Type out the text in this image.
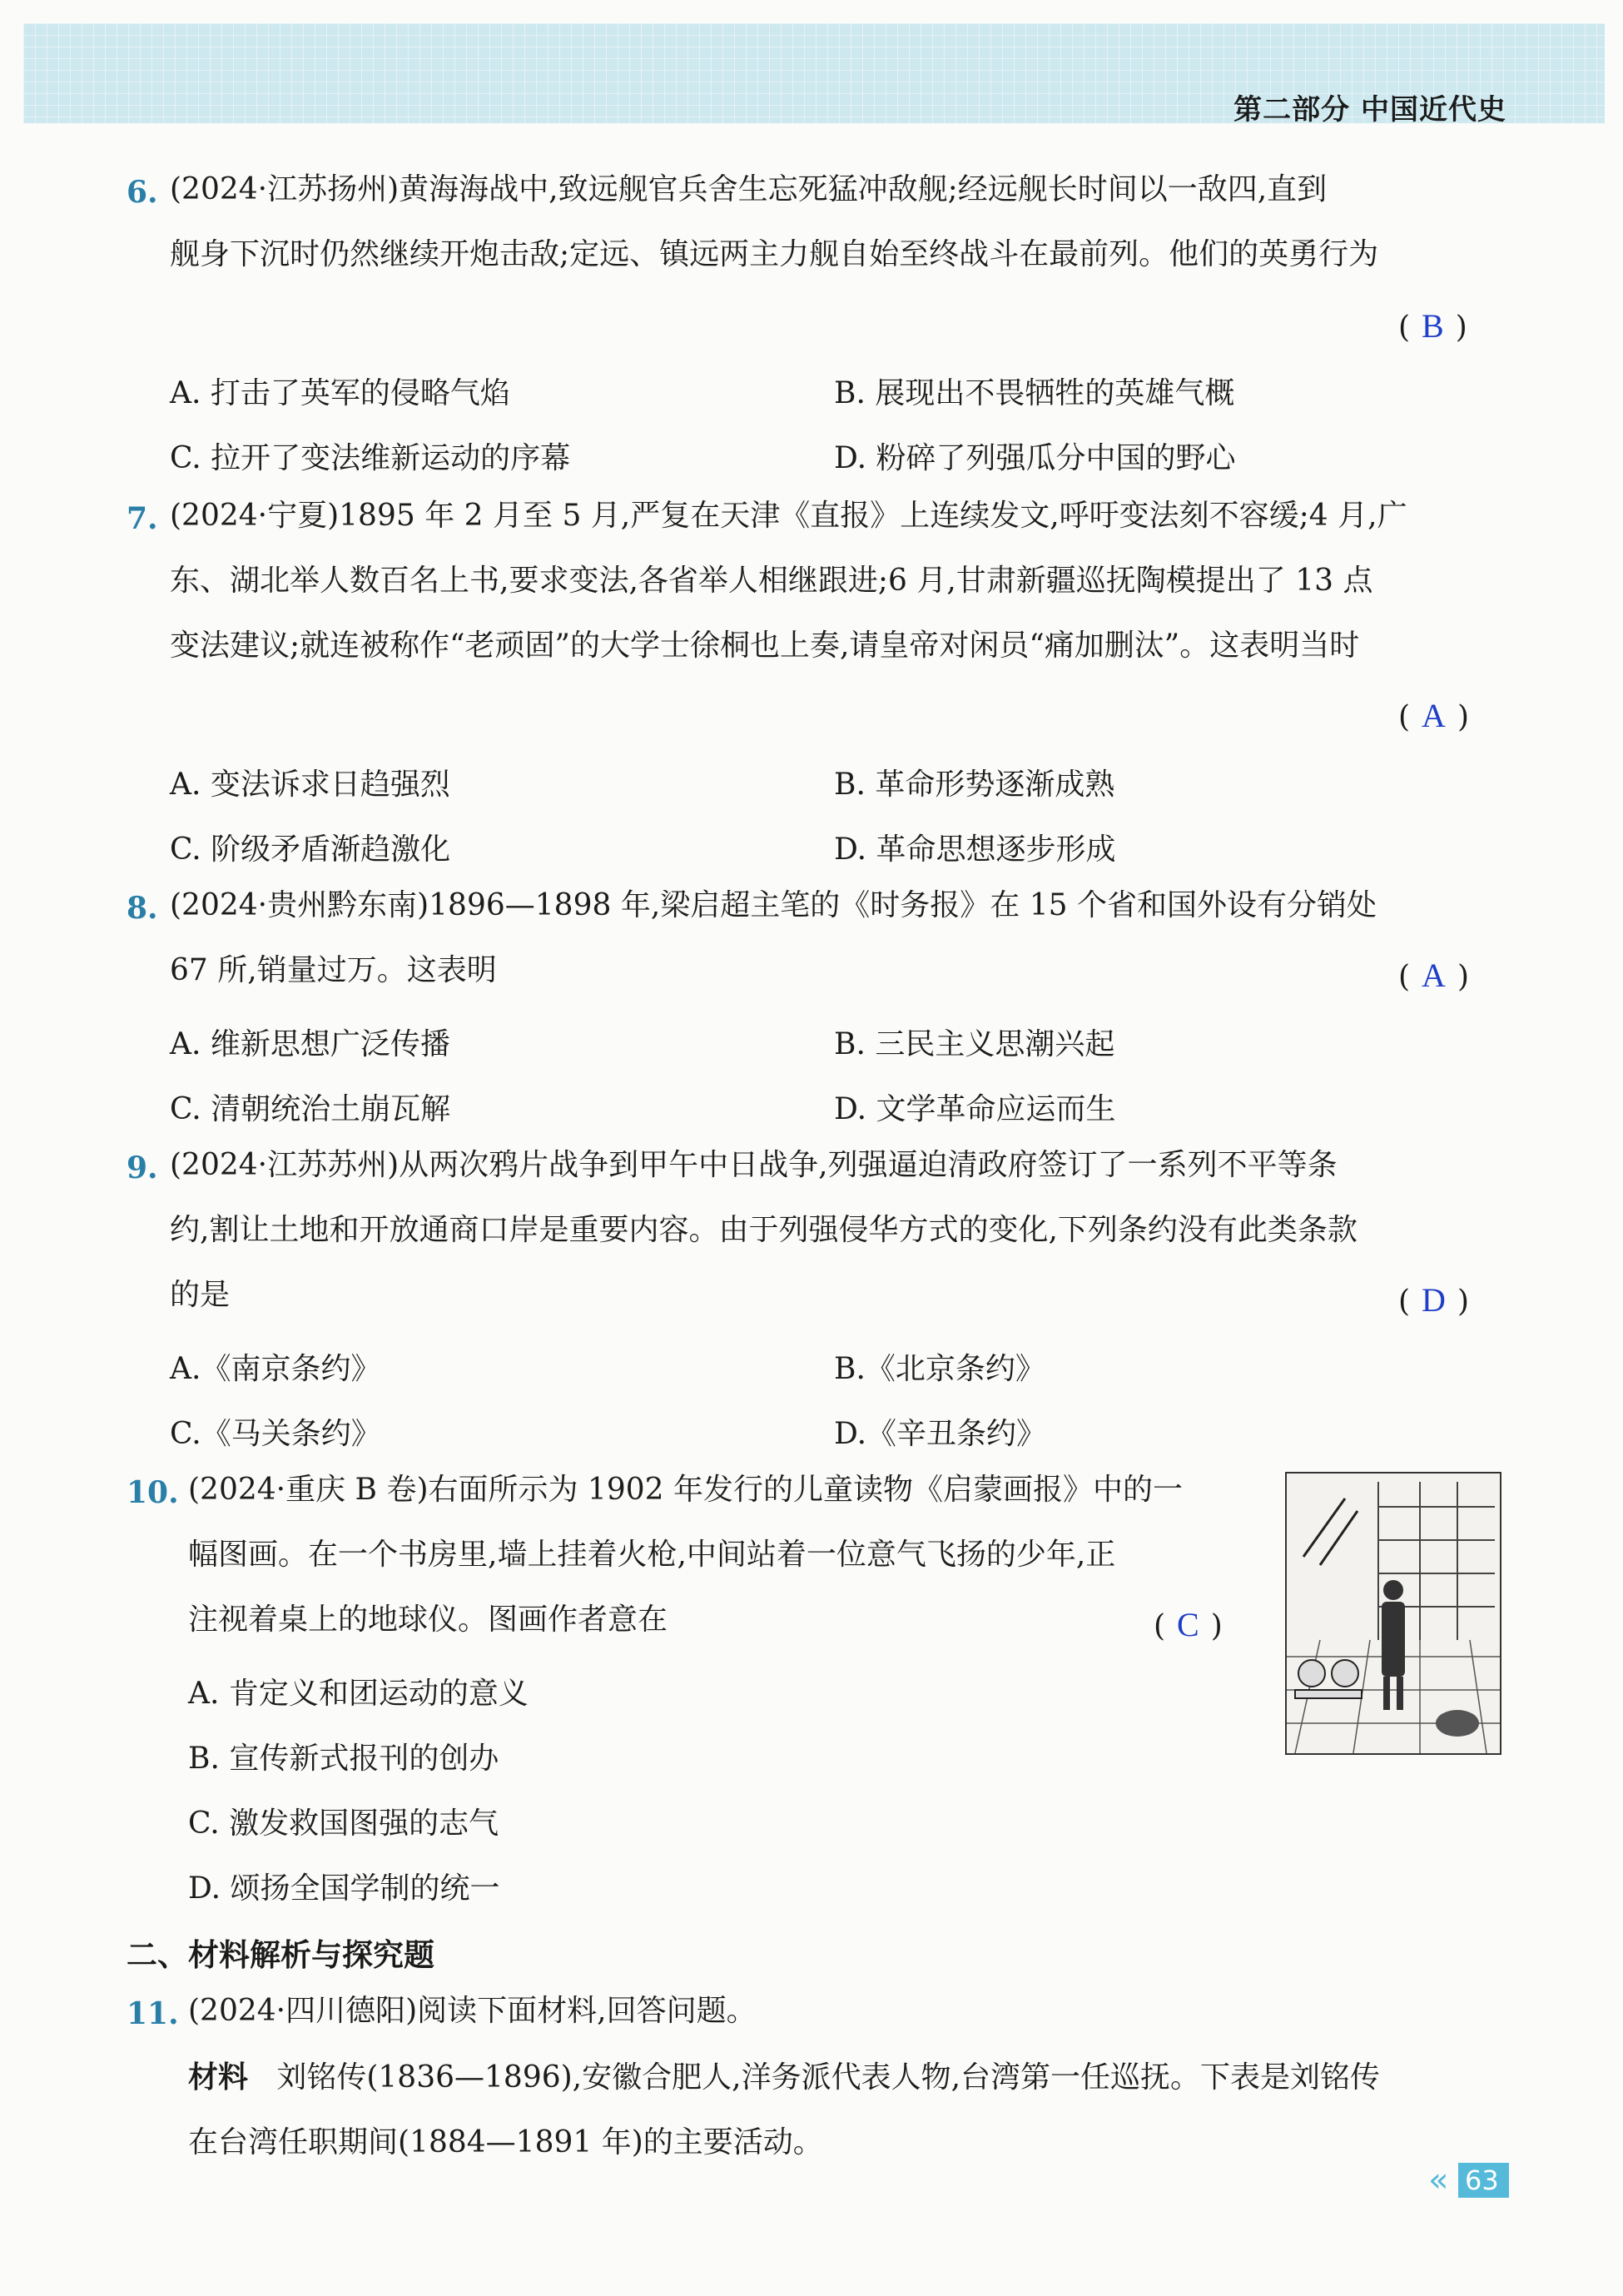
第二部分 中国近代史
6. (2024·江苏扬州)黄海海战中,致远舰官兵舍生忘死猛冲敌舰;经远舰长时间以一敌四,直到
舰身下沉时仍然继续开炮击敌;定远、镇远两主力舰自始至终战斗在最前列。他们的英勇行为
( B )
A. 打击了英军的侵略气焰	B. 展现出不畏牺牲的英雄气概
C. 拉开了变法维新运动的序幕	D. 粉碎了列强瓜分中国的野心
7. (2024·宁夏)1895 年 2 月至 5 月,严复在天津《直报》上连续发文,呼吁变法刻不容缓;4 月,广
东、湖北举人数百名上书,要求变法,各省举人相继跟进;6 月,甘肃新疆巡抚陶模提出了 13 点
变法建议;就连被称作“老顽固”的大学士徐桐也上奏,请皇帝对闲员“痛加删汰”。这表明当时
( A )
A. 变法诉求日趋强烈	B. 革命形势逐渐成熟
C. 阶级矛盾渐趋激化	D. 革命思想逐步形成
8. (2024·贵州黔东南)1896—1898 年,梁启超主笔的《时务报》在 15 个省和国外设有分销处
67 所,销量过万。这表明	( A )
A. 维新思想广泛传播	B. 三民主义思潮兴起
C. 清朝统治土崩瓦解	D. 文学革命应运而生
9. (2024·江苏苏州)从两次鸦片战争到甲午中日战争,列强逼迫清政府签订了一系列不平等条
约,割让土地和开放通商口岸是重要内容。由于列强侵华方式的变化,下列条约没有此类条款
的是	( D )
A.《南京条约》	B.《北京条约》
C.《马关条约》	D.《辛丑条约》
10. (2024·重庆 B 卷)右面所示为 1902 年发行的儿童读物《启蒙画报》中的一
幅图画。在一个书房里,墙上挂着火枪,中间站着一位意气飞扬的少年,正
注视着桌上的地球仪。图画作者意在	( C )
A. 肯定义和团运动的意义
B. 宣传新式报刊的创办
C. 激发救国图强的志气
D. 颂扬全国学制的统一
二、材料解析与探究题
11. (2024·四川德阳)阅读下面材料,回答问题。
材料 刘铭传(1836—1896),安徽合肥人,洋务派代表人物,台湾第一任巡抚。下表是刘铭传
在台湾任职期间(1884—1891 年)的主要活动。
« 63
